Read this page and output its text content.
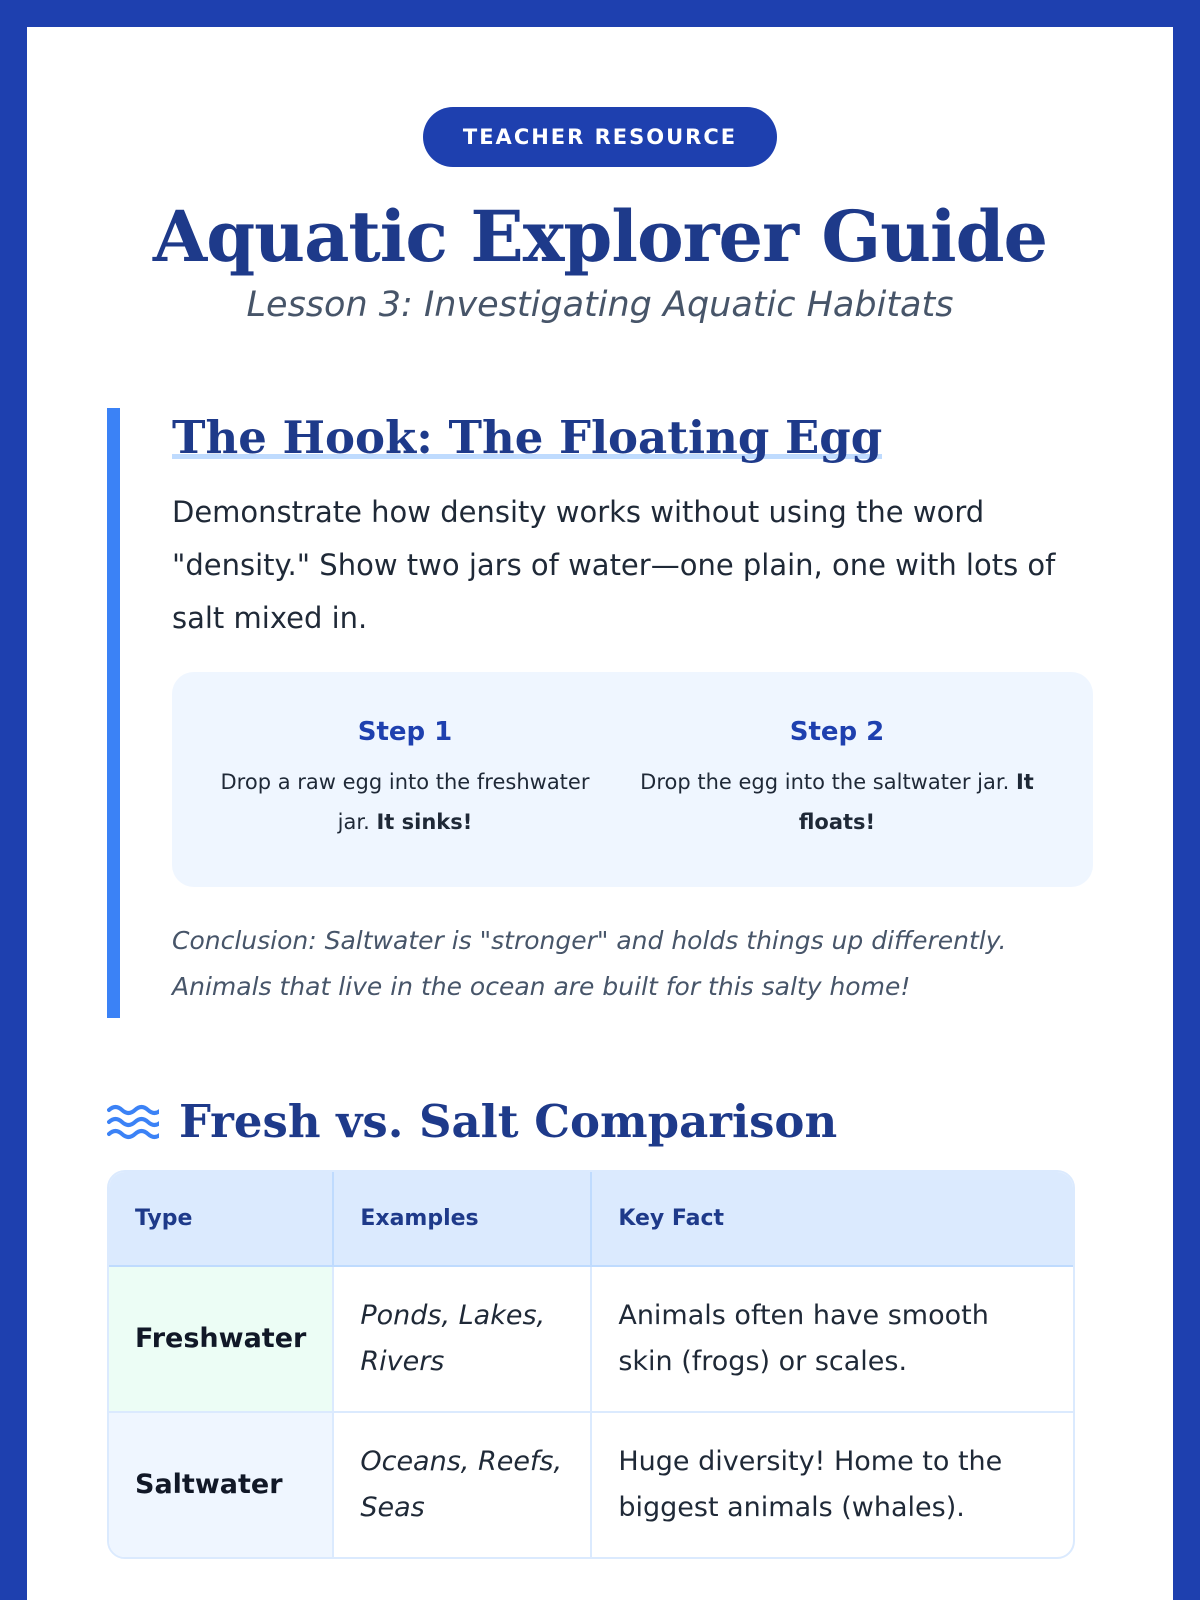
TEACHER RESOURCE
Aquatic Explorer Guide
Lesson 3: Investigating Aquatic Habitats
The Hook: The Floating Egg

Demonstrate how density works without using the word "density." Show two jars of water—one plain, one with lots of salt mixed in.

Step 1
Drop a raw egg into the freshwater jar. It sinks!
Step 2
Drop the egg into the saltwater jar. It floats!

Conclusion: Saltwater is "stronger" and holds things up differently. Animals that live in the ocean are built for this salty home!

Fresh vs. Salt Comparison
Type	Examples	Key Fact
Freshwater	Ponds, Lakes, Rivers	Animals often have smooth skin (frogs) or scales.
Saltwater	Oceans, Reefs, Seas	Huge diversity! Home to the biggest animals (whales).
